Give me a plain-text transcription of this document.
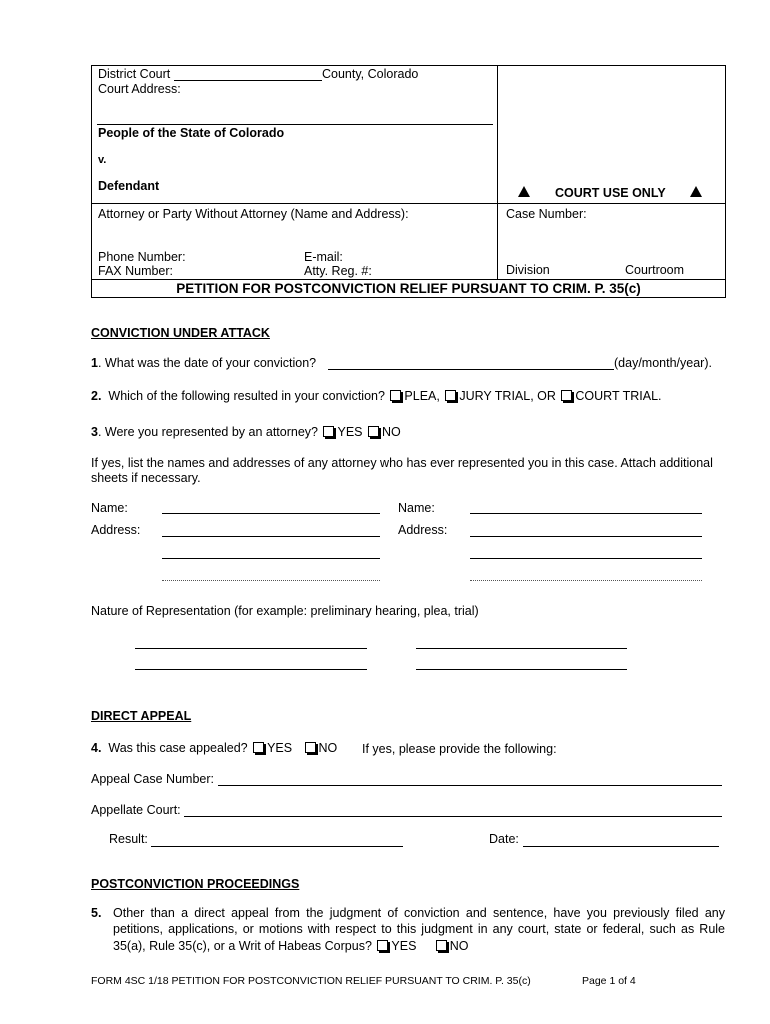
District Court	County, Colorado
Court Address:
People of the State of Colorado
v.
Defendant	COURT USE ONLY
Attorney or Party Without Attorney (Name and Address):	Case Number:
Phone Number:	E-mail:
FAX Number:	Atty. Reg. #:	Division	Courtroom
PETITION FOR POSTCONVICTION RELIEF PURSUANT TO CRIM. P. 35(c)
CONVICTION UNDER ATTACK
1. What was the date of your conviction?	(day/month/year).
2. Which of the following resulted in your conviction? PLEA, JURY TRIAL, OR COURT TRIAL.
3. Were you represented by an attorney? YES NO
If yes, list the names and addresses of any attorney who has ever represented you in this case. Attach additional
sheets if necessary.
Name:	Name:
Address:	Address:
Nature of Representation (for example: preliminary hearing, plea, trial)
DIRECT APPEAL
4. Was this case appealed? YES NO If yes, please provide the following:
Appeal Case Number:
Appellate Court:
Result:	Date:
POSTCONVICTION PROCEEDINGS
5. Other than a direct appeal from the judgment of conviction and sentence, have you previously filed any
petitions, applications, or motions with respect to this judgment in any court, state or federal, such as Rule
35(a), Rule 35(c), or a Writ of Habeas Corpus? YES	NO
FORM 4SC 1/18 PETITION FOR POSTCONVICTION RELIEF PURSUANT TO CRIM. P. 35(c)	Page 1 of 4
